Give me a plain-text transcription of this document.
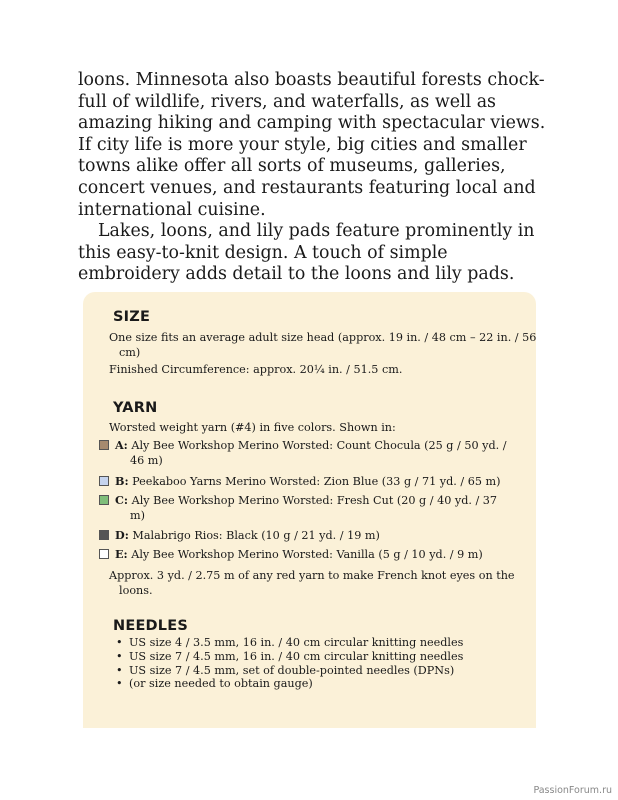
loons. Minnesota also boasts beautiful forests chock-full of wildlife, rivers, and waterfalls, as well as amazing hiking and camping with spectacular views. If city life is more your style, big cities and smaller towns alike offer all sorts of museums, galleries, concert venues, and restaurants featuring local and international cuisine.

Lakes, loons, and lily pads feature prominently in this easy-to-knit design. A touch of simple embroidery adds detail to the loons and lily pads.

SIZE

One size fits an average adult size head (approx. 19 in. / 48 cm – 22 in. / 56 cm)

Finished Circumference: approx. 20¼ in. / 51.5 cm.

YARN

Worsted weight yarn (#4) in five colors. Shown in:

A: Aly Bee Workshop Merino Worsted: Count Chocula (25 g / 50 yd. /
46 m)
B: Peekaboo Yarns Merino Worsted: Zion Blue (33 g / 71 yd. / 65 m)
C: Aly Bee Workshop Merino Worsted: Fresh Cut (20 g / 40 yd. / 37
m)
D: Malabrigo Rios: Black (10 g / 21 yd. / 19 m)
E: Aly Bee Workshop Merino Worsted: Vanilla (5 g / 10 yd. / 9 m)

Approx. 3 yd. / 2.75 m of any red yarn to make French knot eyes on the loons.

NEEDLES
• US size 4 / 3.5 mm, 16 in. / 40 cm circular knitting needles
• US size 7 / 4.5 mm, 16 in. / 40 cm circular knitting needles
• US size 7 / 4.5 mm, set of double-pointed needles (DPNs)
• (or size needed to obtain gauge)
PassionForum.ru
